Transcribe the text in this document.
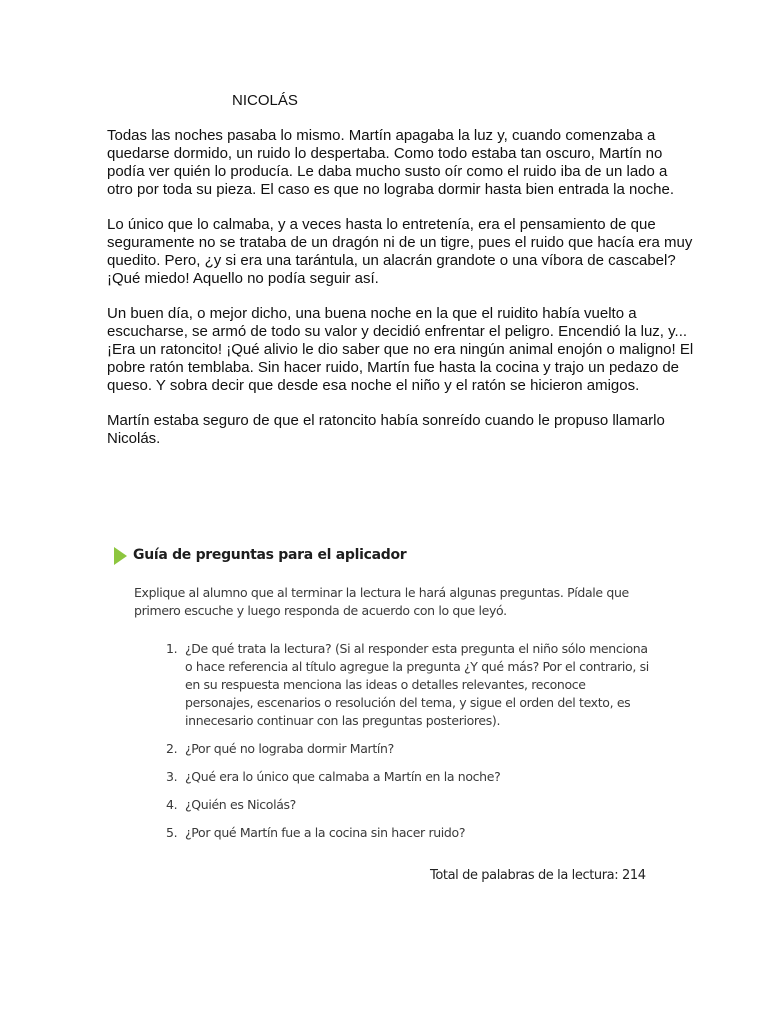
NICOLÁS

Todas las noches pasaba lo mismo. Martín apagaba la luz y, cuando comenzaba a quedarse dormido, un ruido lo despertaba. Como todo estaba tan oscuro, Martín no podía ver quién lo producía. Le daba mucho susto oír como el ruido iba de un lado a otro por toda su pieza. El caso es que no lograba dormir hasta bien entrada la noche.

Lo único que lo calmaba, y a veces hasta lo entretenía, era el pensamiento de que seguramente no se trataba de un dragón ni de un tigre, pues el ruido que hacía era muy quedito. Pero, ¿y si era una tarántula, un alacrán grandote o una víbora de cascabel? ¡Qué miedo! Aquello no podía seguir así.

Un buen día, o mejor dicho, una buena noche en la que el ruidito había vuelto a escucharse, se armó de todo su valor y decidió enfrentar el peligro. Encendió la luz, y... ¡Era un ratoncito! ¡Qué alivio le dio saber que no era ningún animal enojón o maligno! El pobre ratón temblaba. Sin hacer ruido, Martín fue hasta la cocina y trajo un pedazo de queso. Y sobra decir que desde esa noche el niño y el ratón se hicieron amigos.

Martín estaba seguro de que el ratoncito había sonreído cuando le propuso llamarlo Nicolás.

Guía de preguntas para el aplicador
Explique al alumno que al terminar la lectura le hará algunas preguntas. Pídale que primero escuche y luego responda de acuerdo con lo que leyó.
1. ¿De qué trata la lectura? (Si al responder esta pregunta el niño sólo menciona o hace referencia al título agregue la pregunta ¿Y qué más? Por el contrario, si en su respuesta menciona las ideas o detalles relevantes, reconoce personajes, escenarios o resolución del tema, y sigue el orden del texto, es innecesario continuar con las preguntas posteriores).
2. ¿Por qué no lograba dormir Martín?
3. ¿Qué era lo único que calmaba a Martín en la noche?
4. ¿Quién es Nicolás?
5. ¿Por qué Martín fue a la cocina sin hacer ruido?
Total de palabras de la lectura: 214
